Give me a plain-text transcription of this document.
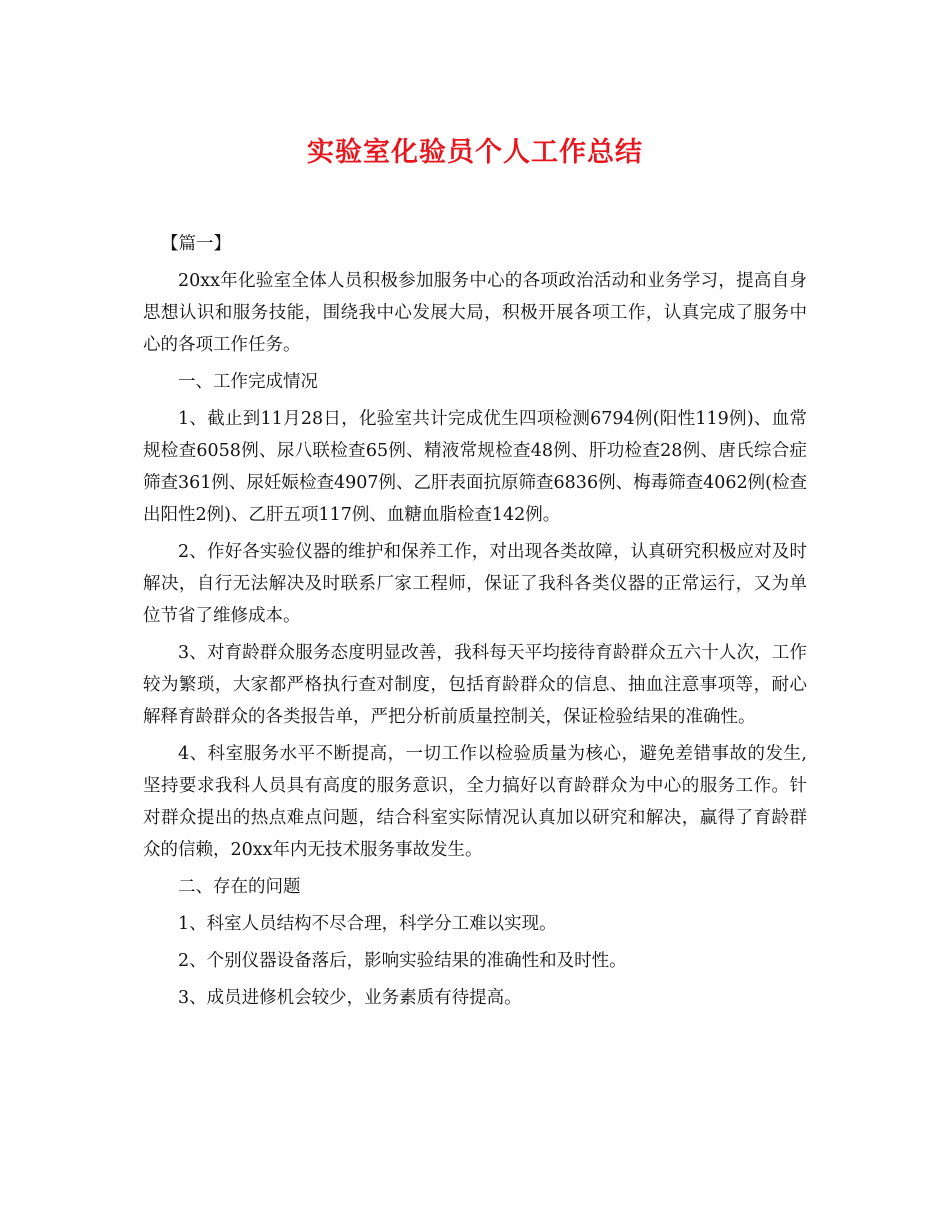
实验室化验员个人工作总结

【篇一】

20xx年化验室全体人员积极参加服务中心的各项政治活动和业务学习，提高自身思想认识和服务技能，围绕我中心发展大局，积极开展各项工作，认真完成了服务中心的各项工作任务。

一、工作完成情况

1、截止到11月28日，化验室共计完成优生四项检测6794例(阳性119例)、血常规检查6058例、尿八联检查65例、精液常规检查48例、肝功检查28例、唐氏综合症筛查361例、尿妊娠检查4907例、乙肝表面抗原筛查6836例、梅毒筛查4062例(检查出阳性2例)、乙肝五项117例、血糖血脂检查142例。

2、作好各实验仪器的维护和保养工作，对出现各类故障，认真研究积极应对及时解决，自行无法解决及时联系厂家工程师，保证了我科各类仪器的正常运行，又为单位节省了维修成本。

3、对育龄群众服务态度明显改善，我科每天平均接待育龄群众五六十人次，工作较为繁琐，大家都严格执行查对制度，包括育龄群众的信息、抽血注意事项等，耐心解释育龄群众的各类报告单，严把分析前质量控制关，保证检验结果的准确性。

4、科室服务水平不断提高，一切工作以检验质量为核心，避免差错事故的发生,坚持要求我科人员具有高度的服务意识，全力搞好以育龄群众为中心的服务工作。针对群众提出的热点难点问题，结合科室实际情况认真加以研究和解决，赢得了育龄群众的信赖，20xx年内无技术服务事故发生。

二、存在的问题

1、科室人员结构不尽合理，科学分工难以实现。

2、个别仪器设备落后，影响实验结果的准确性和及时性。

3、成员进修机会较少，业务素质有待提高。
